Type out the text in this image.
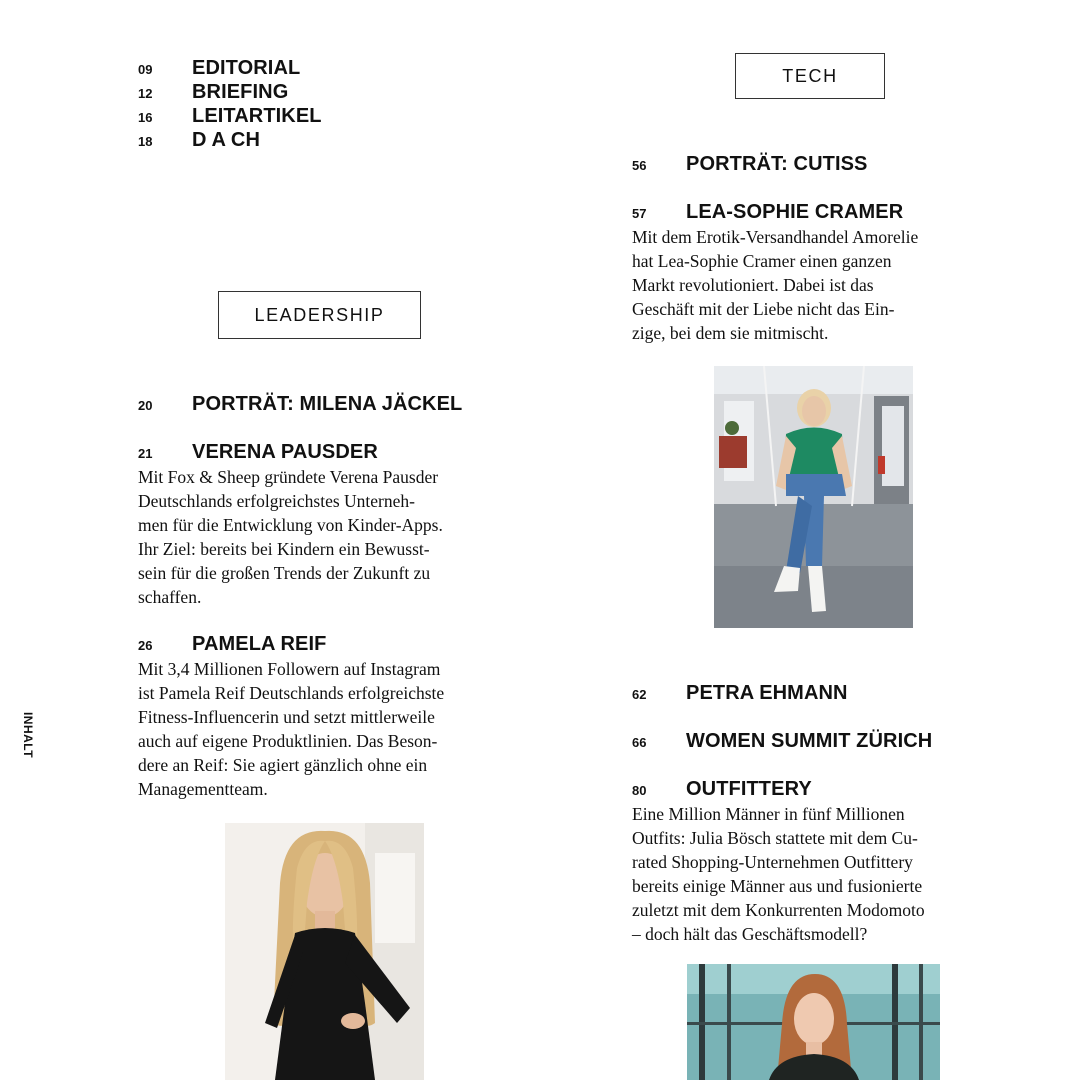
INHALT
09 EDITORIAL
12 BRIEFING
16 LEITARTIKEL
18 D A CH
LEADERSHIP
20 PORTRÄT: MILENA JÄCKEL
21 VERENA PAUSDER
Mit Fox & Sheep gründete Verena Pausder
Deutschlands erfolgreichstes Unterneh-
men für die Entwicklung von Kinder-Apps.
Ihr Ziel: bereits bei Kindern ein Bewusst-
sein für die großen Trends der Zukunft zu
schaffen.
26 PAMELA REIF
Mit 3,4 Millionen Followern auf Instagram
ist Pamela Reif Deutschlands erfolgreichste
Fitness-Influencerin und setzt mittlerweile
auch auf eigene Produktlinien. Das Beson-
dere an Reif: Sie agiert gänzlich ohne ein
Managementteam.
TECH
56 PORTRÄT: CUTISS
57 LEA-SOPHIE CRAMER
Mit dem Erotik-Versandhandel Amorelie
hat Lea-Sophie Cramer einen ganzen
Markt revolutioniert. Dabei ist das
Geschäft mit der Liebe nicht das Ein-
zige, bei dem sie mitmischt.
62 PETRA EHMANN
66 WOMEN SUMMIT ZÜRICH
80 OUTFITTERY
Eine Million Männer in fünf Millionen
Outfits: Julia Bösch stattete mit dem Cu-
rated Shopping-Unternehmen Outfittery
bereits einige Männer aus und fusionierte
zuletzt mit dem Konkurrenten Modomoto
– doch hält das Geschäftsmodell?
